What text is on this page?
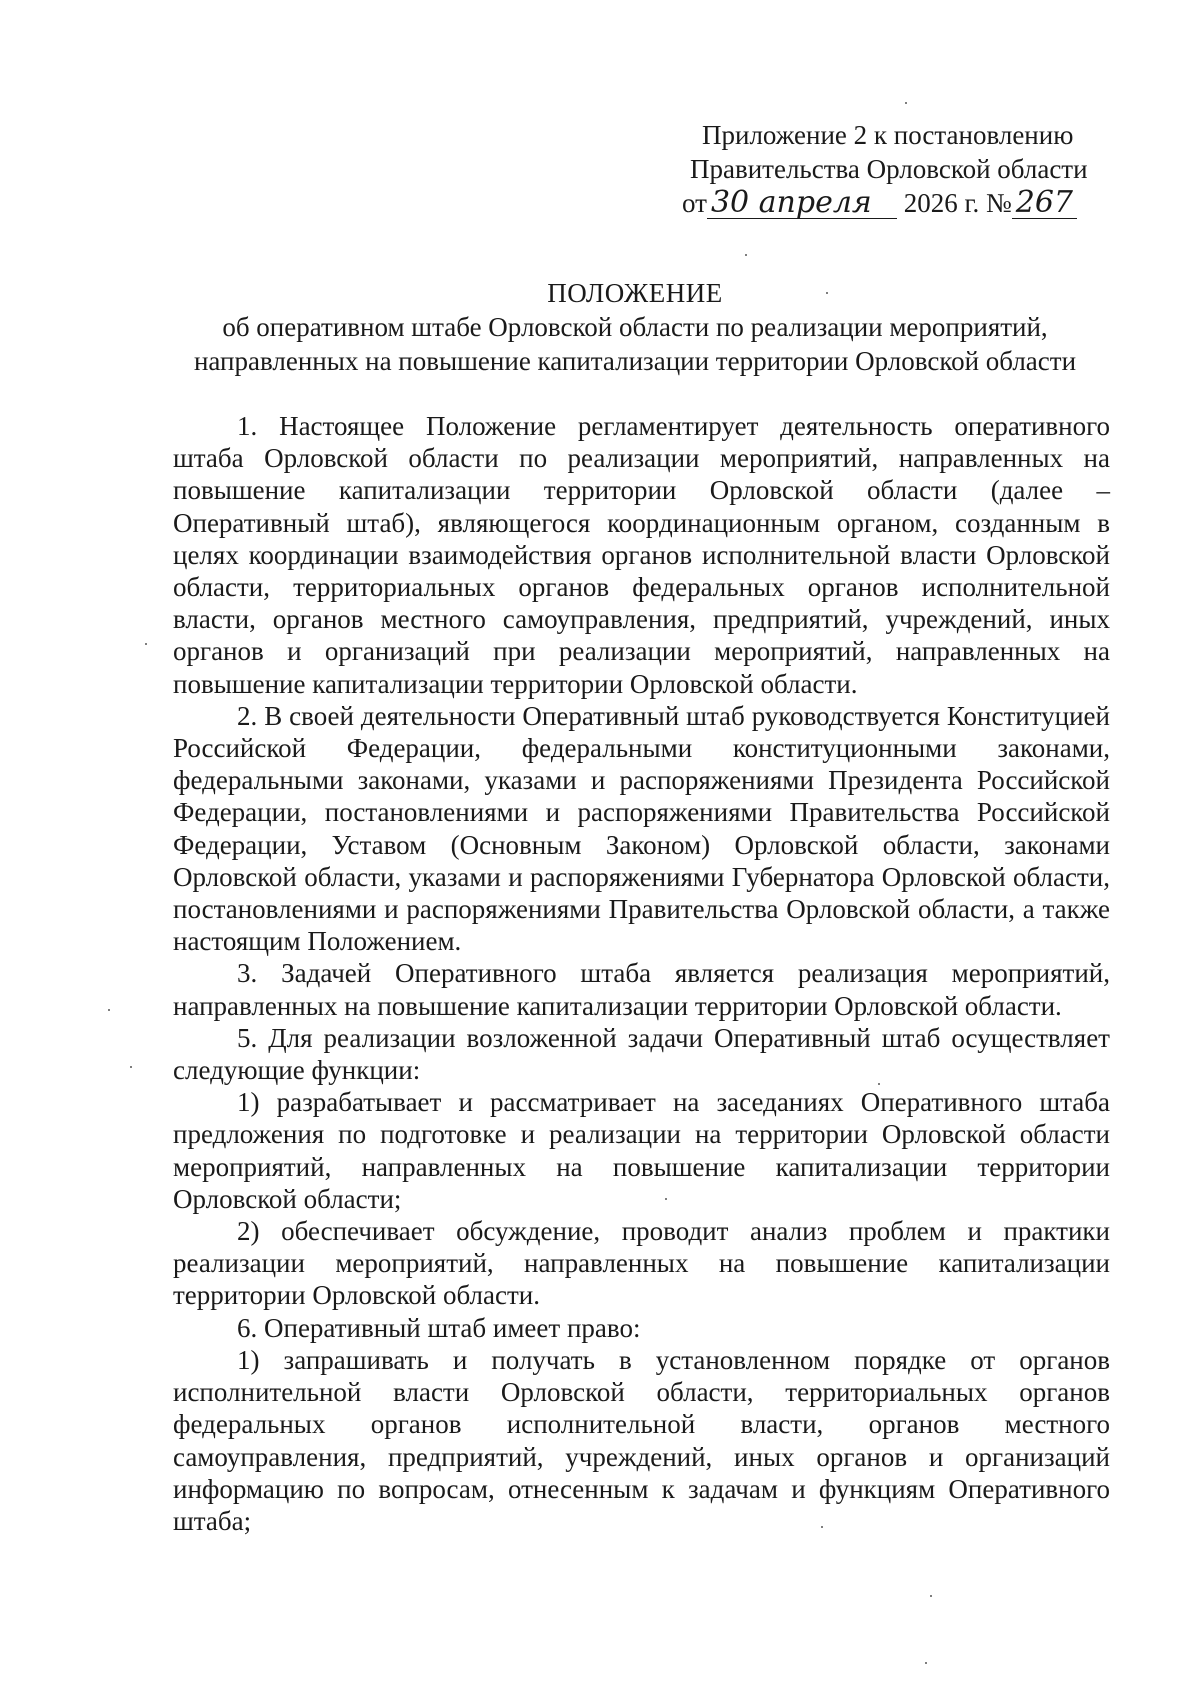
Приложение 2 к постановлению
Правительства Орловской области
от 30 апреля 2026 г. № 267
ПОЛОЖЕНИЕ
об оперативном штабе Орловской области по реализации мероприятий,
направленных на повышение капитализации территории Орловской области

1. Настоящее Положение регламентирует деятельность оперативного штаба Орловской области по реализации мероприятий, направленных на повышение капитализации территории Орловской области (далее – Оперативный штаб), являющегося координационным органом, созданным в целях координации взаимодействия органов исполнительной власти Орловской области, территориальных органов федеральных органов исполнительной власти, органов местного самоуправления, предприятий, учреждений, иных органов и организаций при реализации мероприятий, направленных на повышение капитализации территории Орловской области.

2. В своей деятельности Оперативный штаб руководствуется Конституцией Российской Федерации, федеральными конституционными законами, федеральными законами, указами и распоряжениями Президента Российской Федерации, постановлениями и распоряжениями Правительства Российской Федерации, Уставом (Основным Законом) Орловской области, законами Орловской области, указами и распоряжениями Губернатора Орловской области, постановлениями и распоряжениями Правительства Орловской области, а также настоящим Положением.

3. Задачей Оперативного штаба является реализация мероприятий, направленных на повышение капитализации территории Орловской области.

5. Для реализации возложенной задачи Оперативный штаб осуществляет следующие функции:

1) разрабатывает и рассматривает на заседаниях Оперативного штаба предложения по подготовке и реализации на территории Орловской области мероприятий, направленных на повышение капитализации территории Орловской области;

2) обеспечивает обсуждение, проводит анализ проблем и практики реализации мероприятий, направленных на повышение капитализации территории Орловской области.

6. Оперативный штаб имеет право:

1) запрашивать и получать в установленном порядке от органов исполнительной власти Орловской области, территориальных органов федеральных органов исполнительной власти, органов местного самоуправления, предприятий, учреждений, иных органов и организаций информацию по вопросам, отнесенным к задачам и функциям Оперативного штаба;
